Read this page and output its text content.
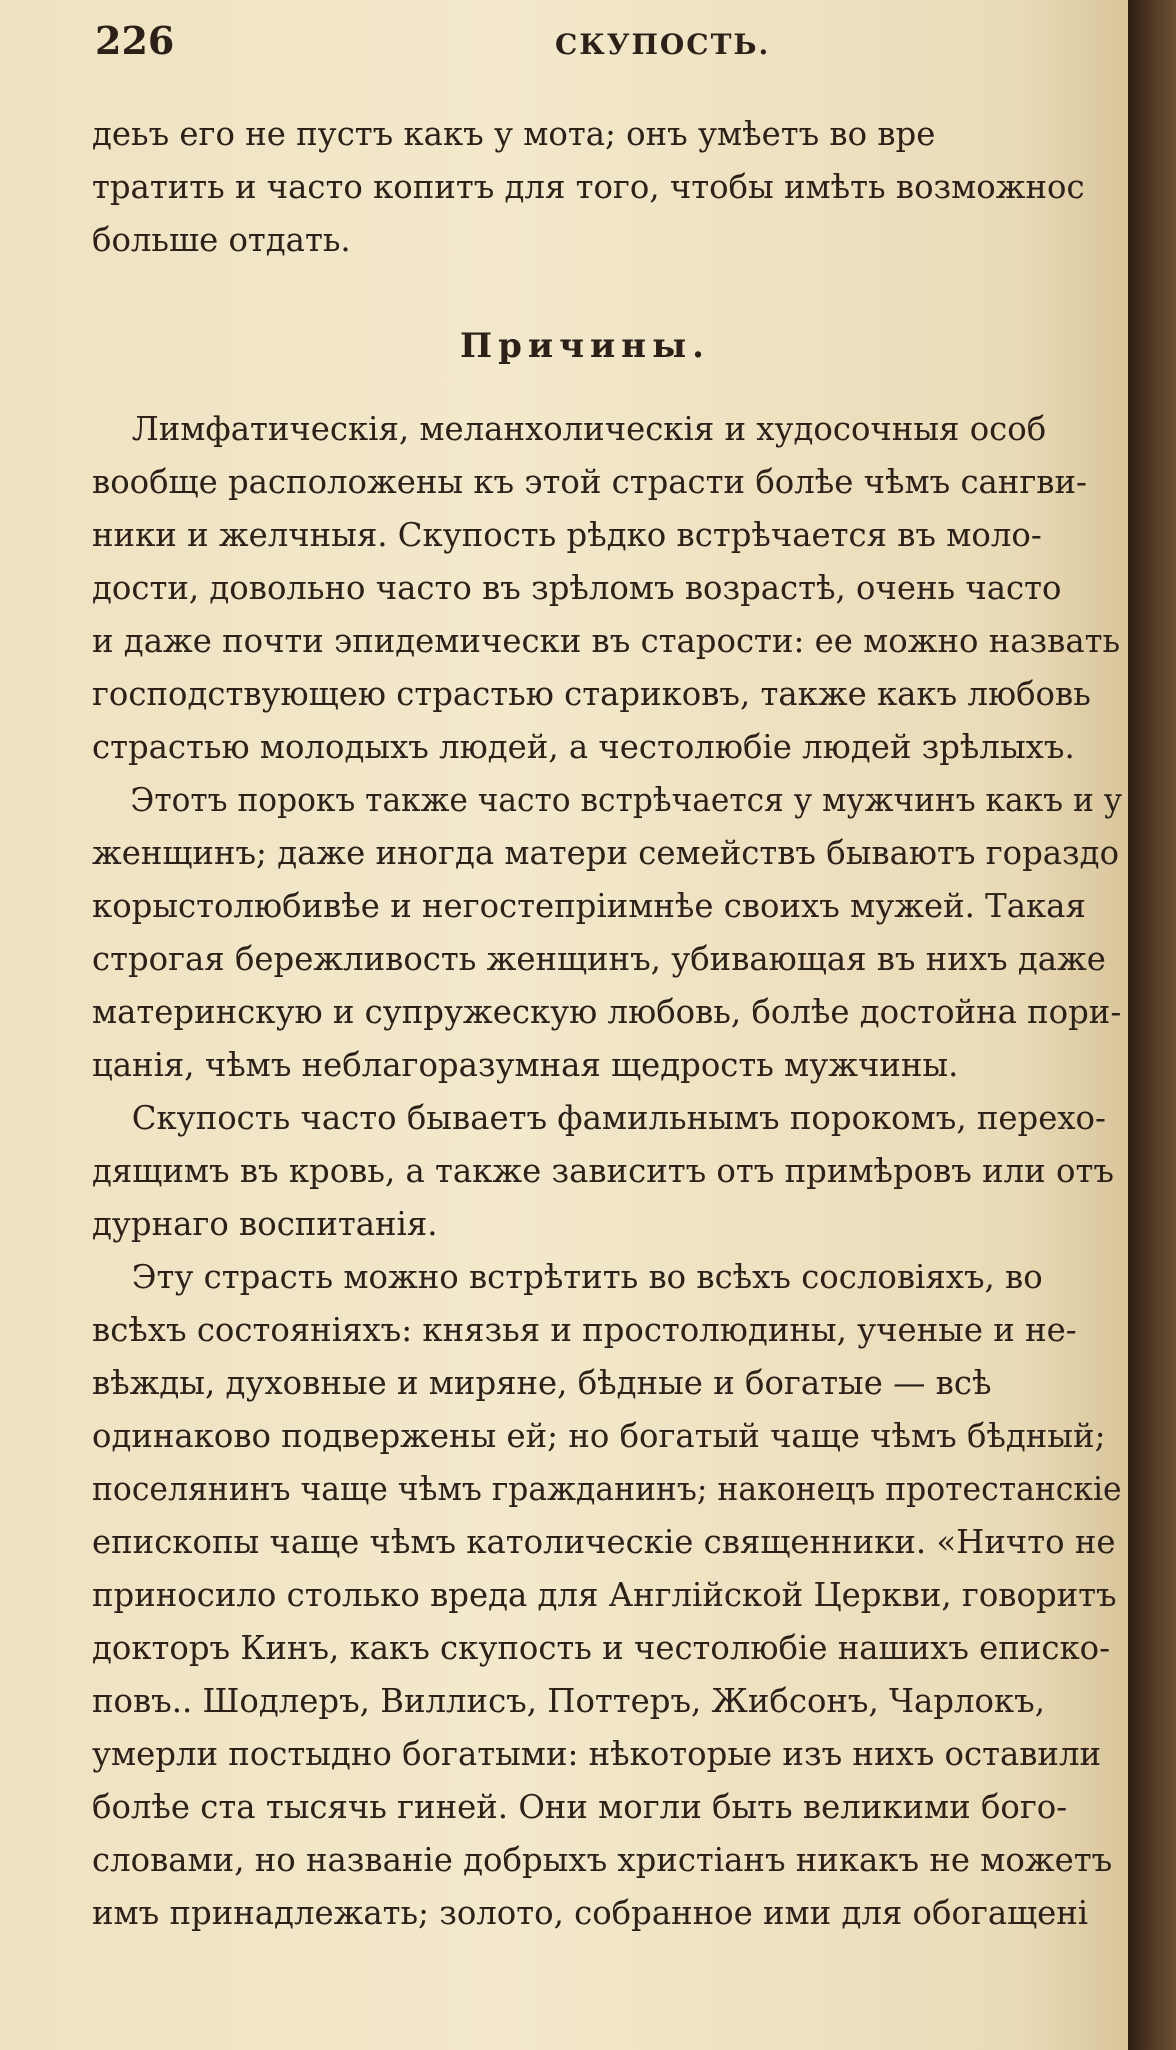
226	СКУПОСТЬ.
деьъ его не пустъ какъ у мота; онъ умѣетъ во вре
тратить и часто копитъ для того, чтобы имѣть возможнос
больше отдать.
Причины.
Лимфатическія, меланхолическія и худосочныя особ
вообще расположены къ этой страсти болѣе чѣмъ сангви-
ники и желчныя. Скупость рѣдко встрѣчается въ моло-
дости, довольно часто въ зрѣломъ возрастѣ, очень часто
и даже почти эпидемически въ старости: ее можно назвать
господствующею страстью стариковъ, также какъ любовь
страстью молодыхъ людей, а честолюбіе людей зрѣлыхъ.
Этотъ порокъ также часто встрѣчается у мужчинъ какъ и у
женщинъ; даже иногда матери семействъ бываютъ гораздо
корыстолюбивѣе и негостепріимнѣе своихъ мужей. Такая
строгая бережливость женщинъ, убивающая въ нихъ даже
материнскую и супружескую любовь, болѣе достойна пори-
цанія, чѣмъ неблагоразумная щедрость мужчины.
Скупость часто бываетъ фамильнымъ порокомъ, перехо-
дящимъ въ кровь, а также зависитъ отъ примѣровъ или отъ
дурнаго воспитанія.
Эту страсть можно встрѣтить во всѣхъ сословіяхъ, во
всѣхъ состояніяхъ: князья и простолюдины, ученые и не-
вѣжды, духовные и миряне, бѣдные и богатые — всѣ
одинаково подвержены ей; но богатый чаще чѣмъ бѣдный;
поселянинъ чаще чѣмъ гражданинъ; наконецъ протестанскіе
епископы чаще чѣмъ католическіе священники. «Ничто не
приносило столько вреда для Англійской Церкви, говоритъ
докторъ Кинъ, какъ скупость и честолюбіе нашихъ еписко-
повъ.. Шодлеръ, Виллисъ, Поттеръ, Жибсонъ, Чарлокъ,
умерли постыдно богатыми: нѣкоторые изъ нихъ оставили
болѣе ста тысячь гиней. Они могли быть великими бого-
словами, но названіе добрыхъ христіанъ никакъ не можетъ
имъ принадлежать; золото, собранное ими для обогащені
